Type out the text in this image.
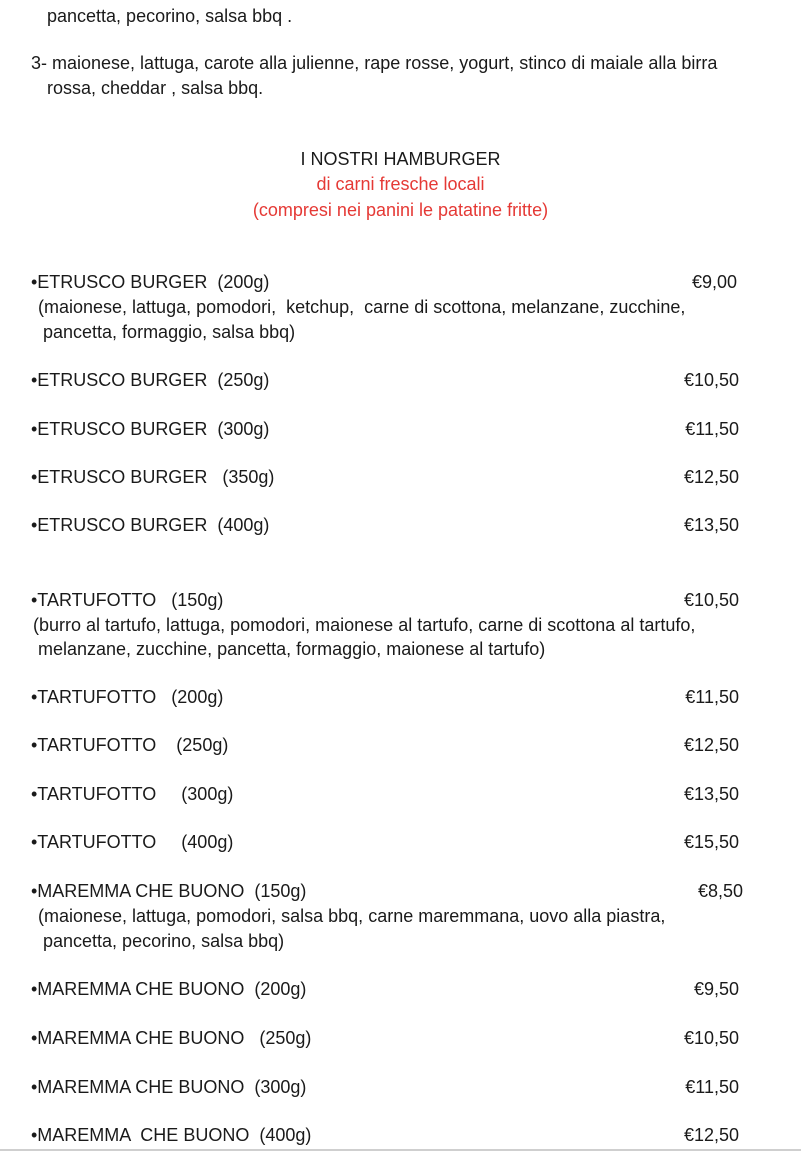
pancetta, pecorino, salsa bbq .
3- maionese, lattuga, carote alla julienne, rape rosse, yogurt, stinco di maiale alla birra
rossa, cheddar , salsa bbq.
I NOSTRI HAMBURGER
di carni fresche locali
(compresi nei panini le patatine fritte)
•ETRUSCO BURGER  (200g)	€9,00
(maionese, lattuga, pomodori,  ketchup,  carne di scottona, melanzane, zucchine,
pancetta, formaggio, salsa bbq)
•ETRUSCO BURGER  (250g)	€10,50
•ETRUSCO BURGER  (300g)	€11,50
•ETRUSCO BURGER   (350g)	€12,50
•ETRUSCO BURGER  (400g)	€13,50
•TARTUFOTTO   (150g)	€10,50
(burro al tartufo, lattuga, pomodori, maionese al tartufo, carne di scottona al tartufo,
melanzane, zucchine, pancetta, formaggio, maionese al tartufo)
•TARTUFOTTO   (200g)	€11,50
•TARTUFOTTO    (250g)	€12,50
•TARTUFOTTO     (300g)	€13,50
•TARTUFOTTO     (400g)	€15,50
•MAREMMA CHE BUONO  (150g)	€8,50
(maionese, lattuga, pomodori, salsa bbq, carne maremmana, uovo alla piastra,
pancetta, pecorino, salsa bbq)
•MAREMMA CHE BUONO  (200g)	€9,50
•MAREMMA CHE BUONO   (250g)	€10,50
•MAREMMA CHE BUONO  (300g)	€11,50
•MAREMMA  CHE BUONO  (400g)	€12,50
